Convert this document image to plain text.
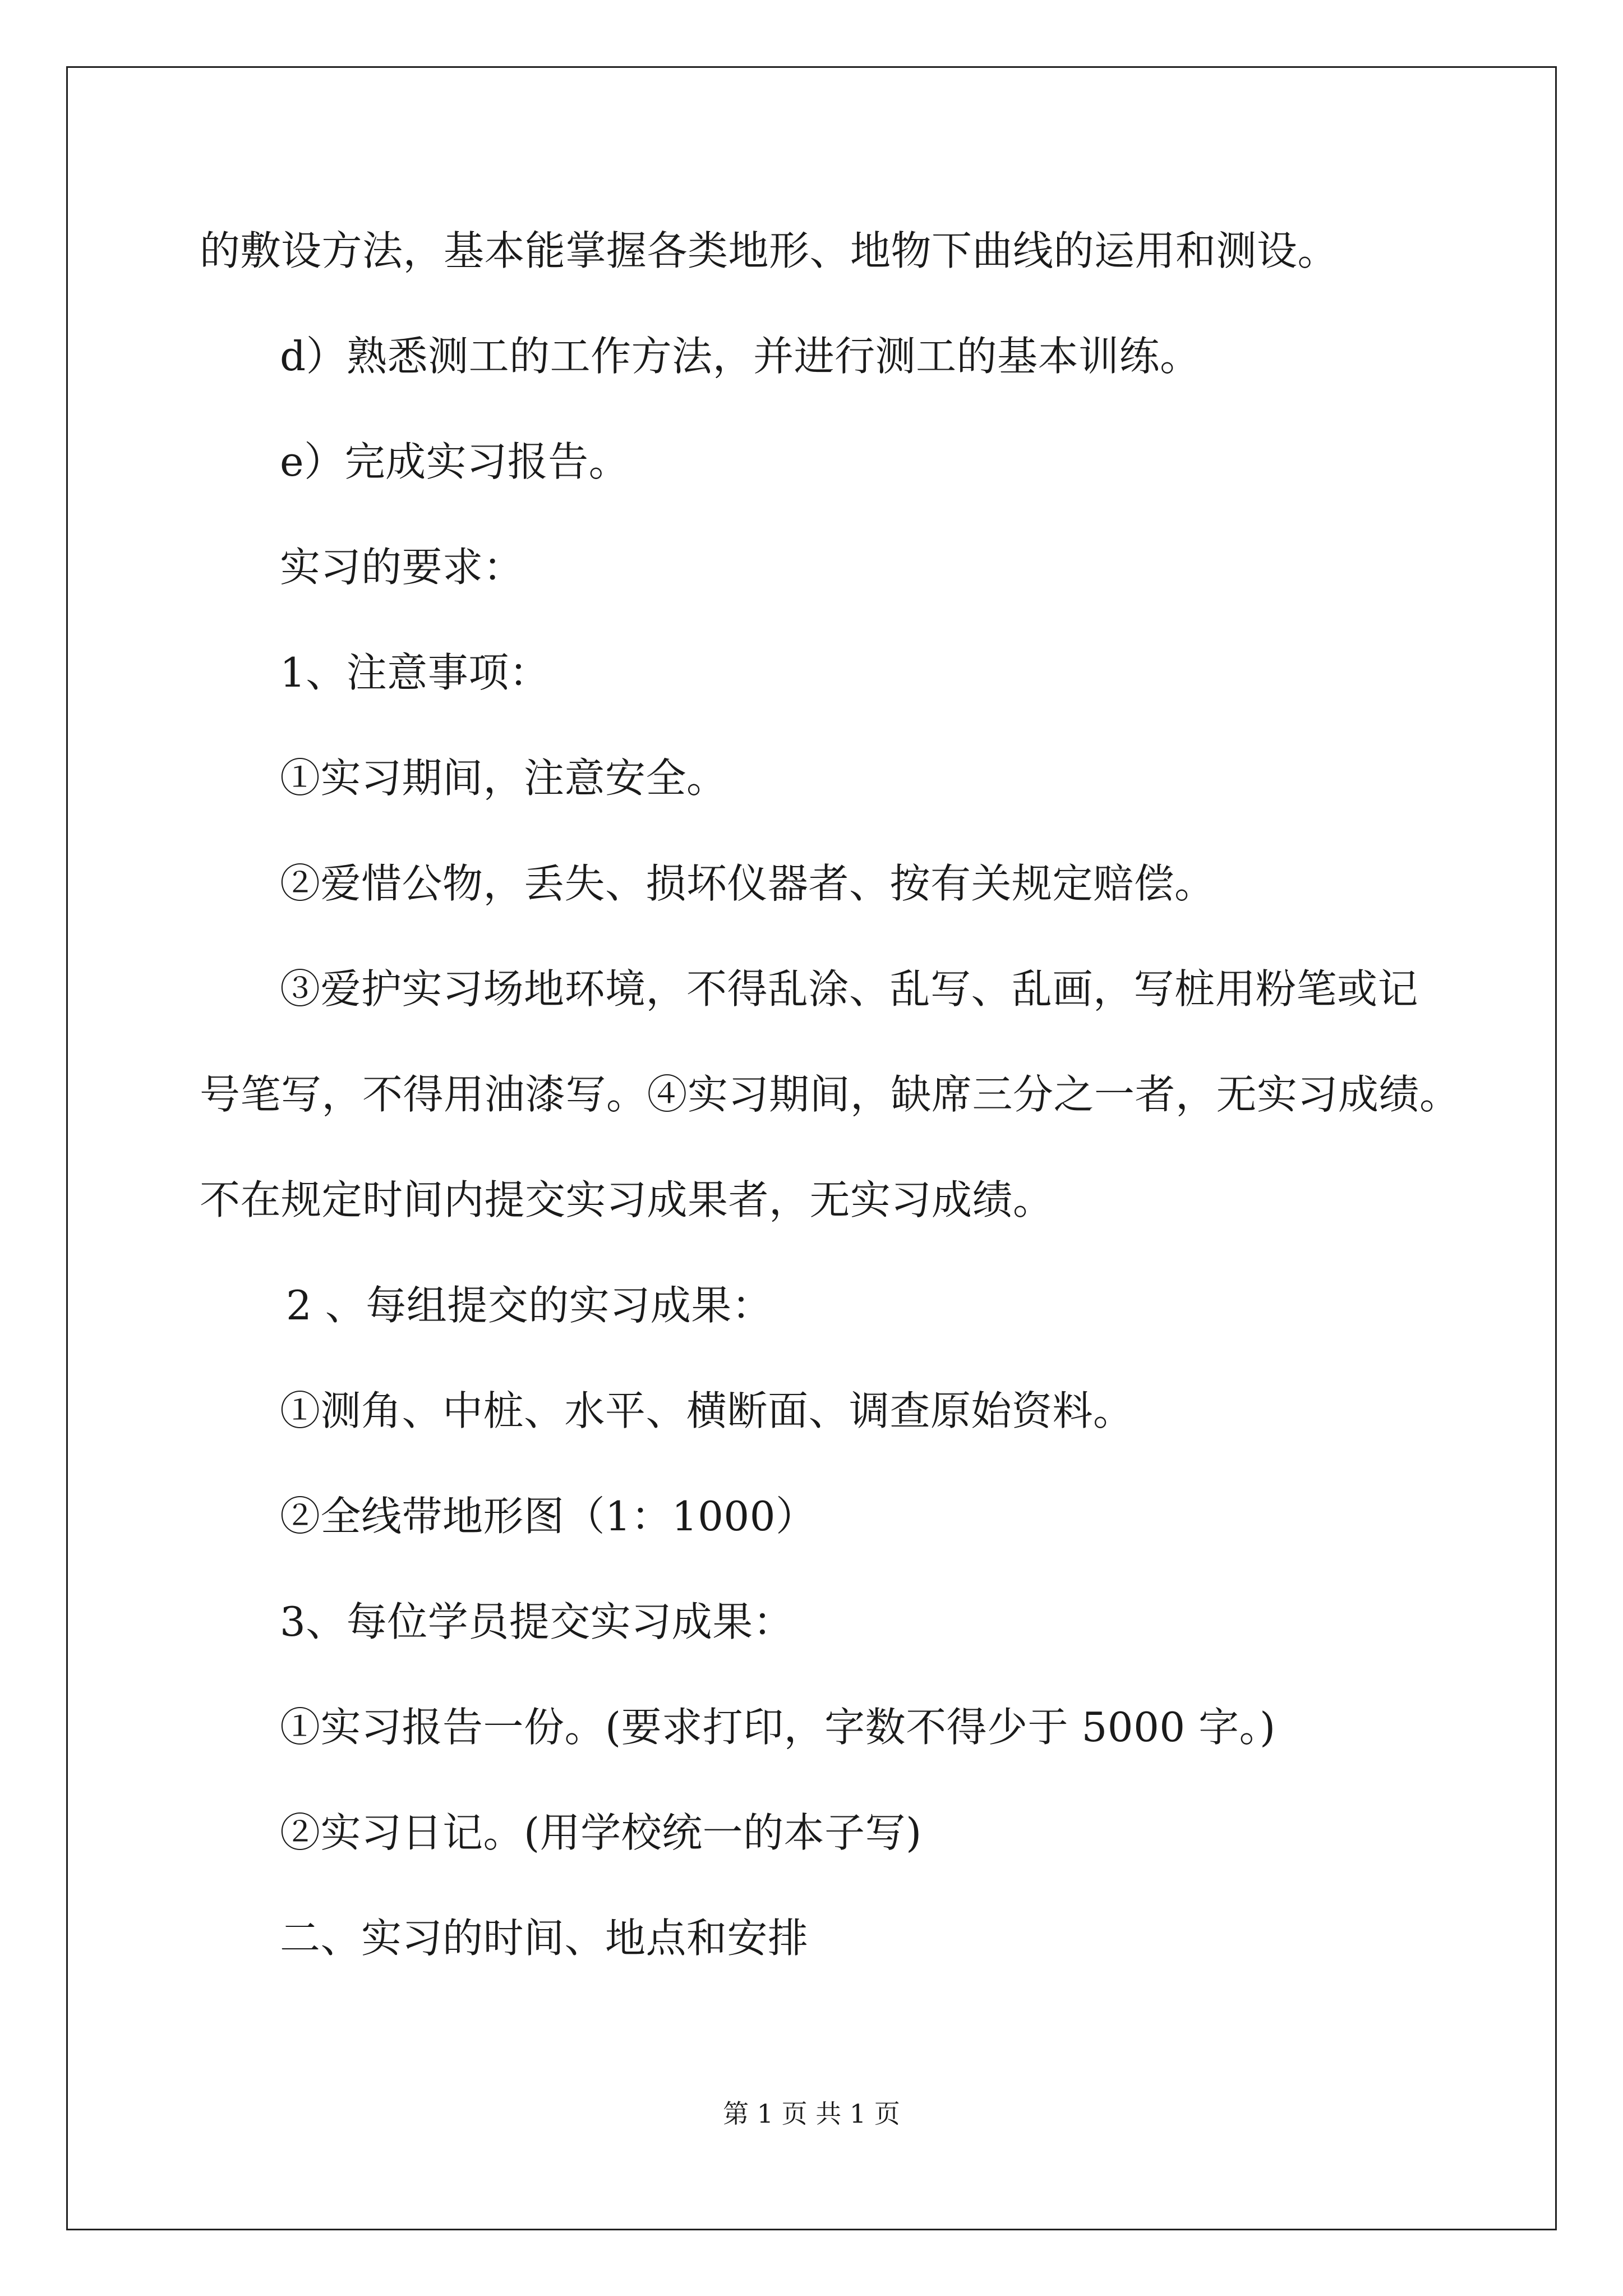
的敷设方法，基本能掌握各类地形、地物下曲线的运用和测设。
d）熟悉测工的工作方法，并进行测工的基本训练。
e）完成实习报告。
实习的要求：
1、注意事项：
①实习期间，注意安全。
②爱惜公物，丢失、损坏仪器者、按有关规定赔偿。
③爱护实习场地环境，不得乱涂、乱写、乱画，写桩用粉笔或记
号笔写，不得用油漆写。④实习期间，缺席三分之一者，无实习成绩。
不在规定时间内提交实习成果者，无实习成绩。
2 、每组提交的实习成果：
①测角、中桩、水平、横断面、调查原始资料。
②全线带地形图（1：1000）
3、每位学员提交实习成果：
①实习报告一份。(要求打印，字数不得少于 5000 字。)
②实习日记。(用学校统一的本子写)
二、实习的时间、地点和安排
第 1 页 共 1 页
